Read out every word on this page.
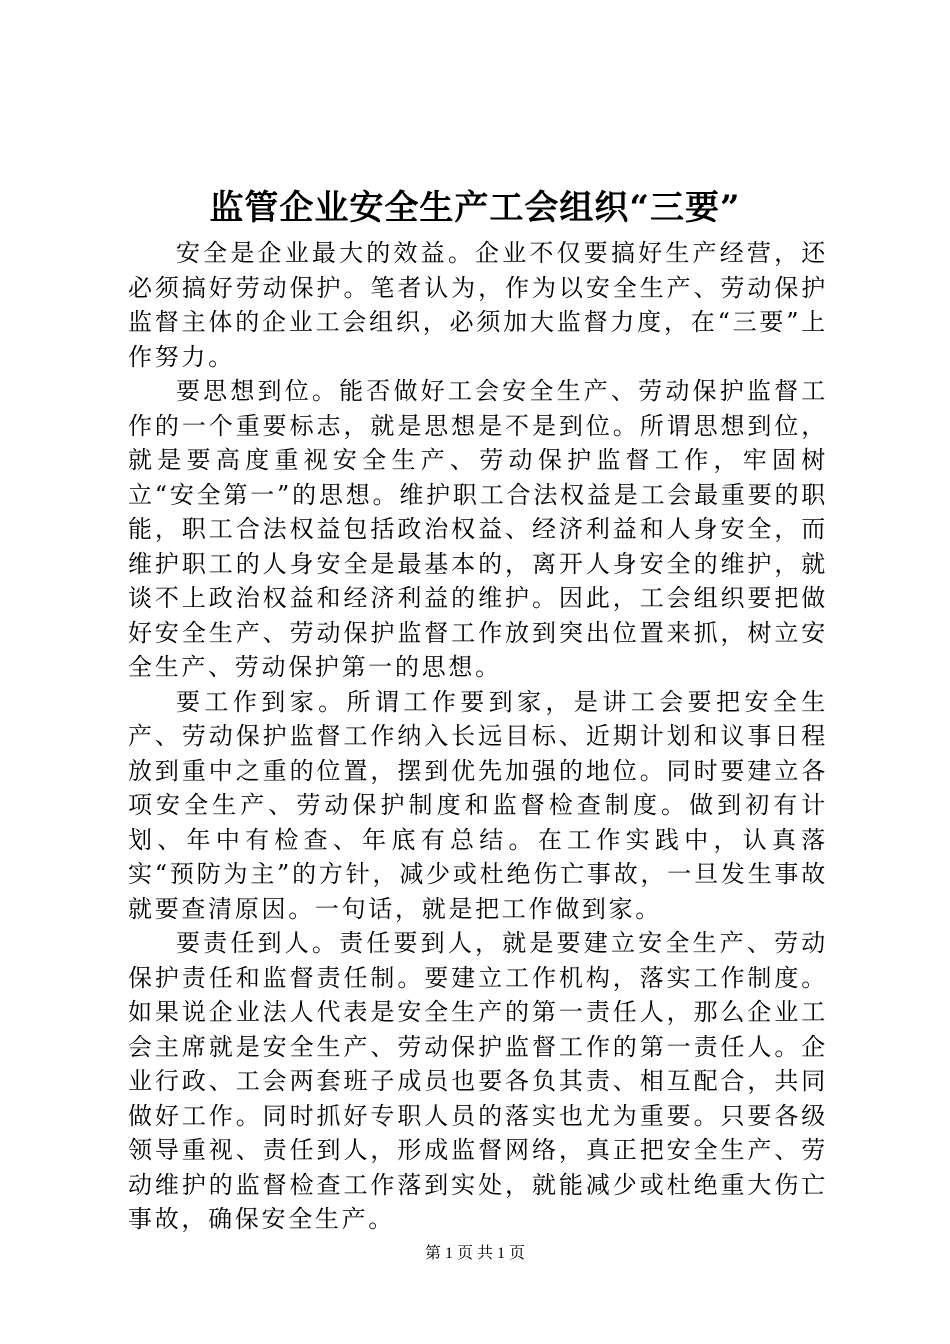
监管企业安全生产工会组织“三要”

安全是企业最大的效益。企业不仅要搞好生产经营，还必须搞好劳动保护。笔者认为，作为以安全生产、劳动保护监督主体的企业工会组织，必须加大监督力度，在“三要”上作努力。

要思想到位。能否做好工会安全生产、劳动保护监督工作的一个重要标志，就是思想是不是到位。所谓思想到位，就是要高度重视安全生产、劳动保护监督工作，牢固树立“安全第一”的思想。维护职工合法权益是工会最重要的职能，职工合法权益包括政治权益、经济利益和人身安全，而维护职工的人身安全是最基本的，离开人身安全的维护，就谈不上政治权益和经济利益的维护。因此，工会组织要把做好安全生产、劳动保护监督工作放到突出位置来抓，树立安全生产、劳动保护第一的思想。

要工作到家。所谓工作要到家，是讲工会要把安全生产、劳动保护监督工作纳入长远目标、近期计划和议事日程放到重中之重的位置，摆到优先加强的地位。同时要建立各项安全生产、劳动保护制度和监督检查制度。做到初有计划、年中有检查、年底有总结。在工作实践中，认真落实“预防为主”的方针，减少或杜绝伤亡事故，一旦发生事故就要查清原因。一句话，就是把工作做到家。

要责任到人。责任要到人，就是要建立安全生产、劳动保护责任和监督责任制。要建立工作机构，落实工作制度。如果说企业法人代表是安全生产的第一责任人，那么企业工会主席就是安全生产、劳动保护监督工作的第一责任人。企业行政、工会两套班子成员也要各负其责、相互配合，共同做好工作。同时抓好专职人员的落实也尤为重要。只要各级领导重视、责任到人，形成监督网络，真正把安全生产、劳动维护的监督检查工作落到实处，就能减少或杜绝重大伤亡事故，确保安全生产。

第 1 页 共 1 页
